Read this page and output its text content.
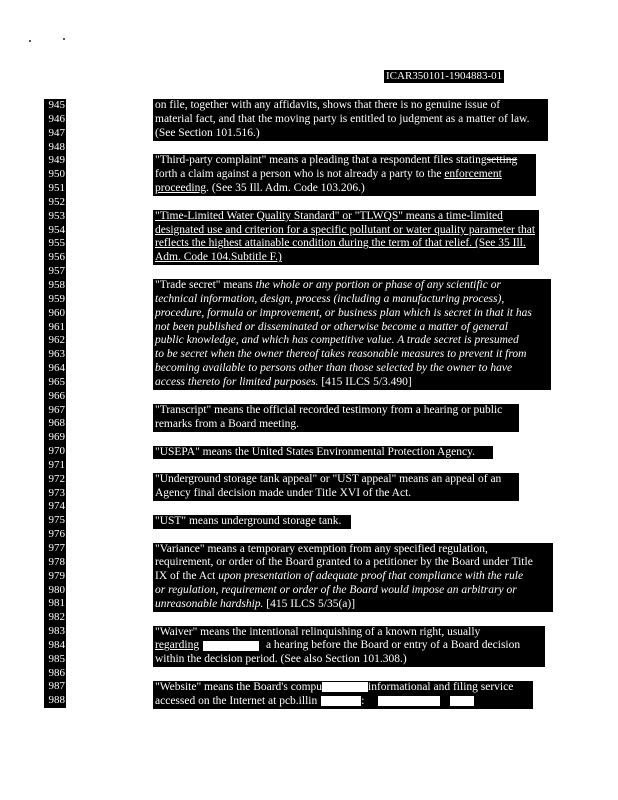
ICAR350101-1904883-01
945
946
947
948
949
950
951
952
953
954
955
956
957
958
959
960
961
962
963
964
965
966
967
968
969
970
971
972
973
974
975
976
977
978
979
980
981
982
983
984
985
986
987
988
on file, together with any affidavits, shows that there is no genuine issue of
material fact, and that the moving party is entitled to judgment as a matter of law.
(See Section 101.516.)
"Third-party complaint" means a pleading that a respondent files statingsetting
forth a claim against a person who is not already a party to the enforcement
proceeding. (See 35 Ill. Adm. Code 103.206.)
"Time-Limited Water Quality Standard" or "TLWQS" means a time-limited
designated use and criterion for a specific pollutant or water quality parameter that
reflects the highest attainable condition during the term of that relief. (See 35 Ill.
Adm. Code 104.Subtitle F.)
"Trade secret" means the whole or any portion or phase of any scientific or
technical information, design, process (including a manufacturing process),
procedure, formula or improvement, or business plan which is secret in that it has
not been published or disseminated or otherwise become a matter of general
public knowledge, and which has competitive value. A trade secret is presumed
to be secret when the owner thereof takes reasonable measures to prevent it from
becoming available to persons other than those selected by the owner to have
access thereto for limited purposes. [415 ILCS 5/3.490]
"Transcript" means the official recorded testimony from a hearing or public
remarks from a Board meeting.
"USEPA" means the United States Environmental Protection Agency.
"Underground storage tank appeal" or "UST appeal" means an appeal of an
Agency final decision made under Title XVI of the Act.
"UST" means underground storage tank.
"Variance" means a temporary exemption from any specified regulation,
requirement, or order of the Board granted to a petitioner by the Board under Title
IX of the Act upon presentation of adequate proof that compliance with the rule
or regulation, requirement or order of the Board would impose an arbitrary or
unreasonable hardship. [415 ILCS 5/35(a)]
"Waiver" means the intentional relinquishing of a known right, usually
regarding	a hearing before the Board or entry of a Board decision
within the decision period. (See also Section 101.308.)
"Website" means the Board's compu	informational and filing service
accessed on the Internet at pcb.illin	:
